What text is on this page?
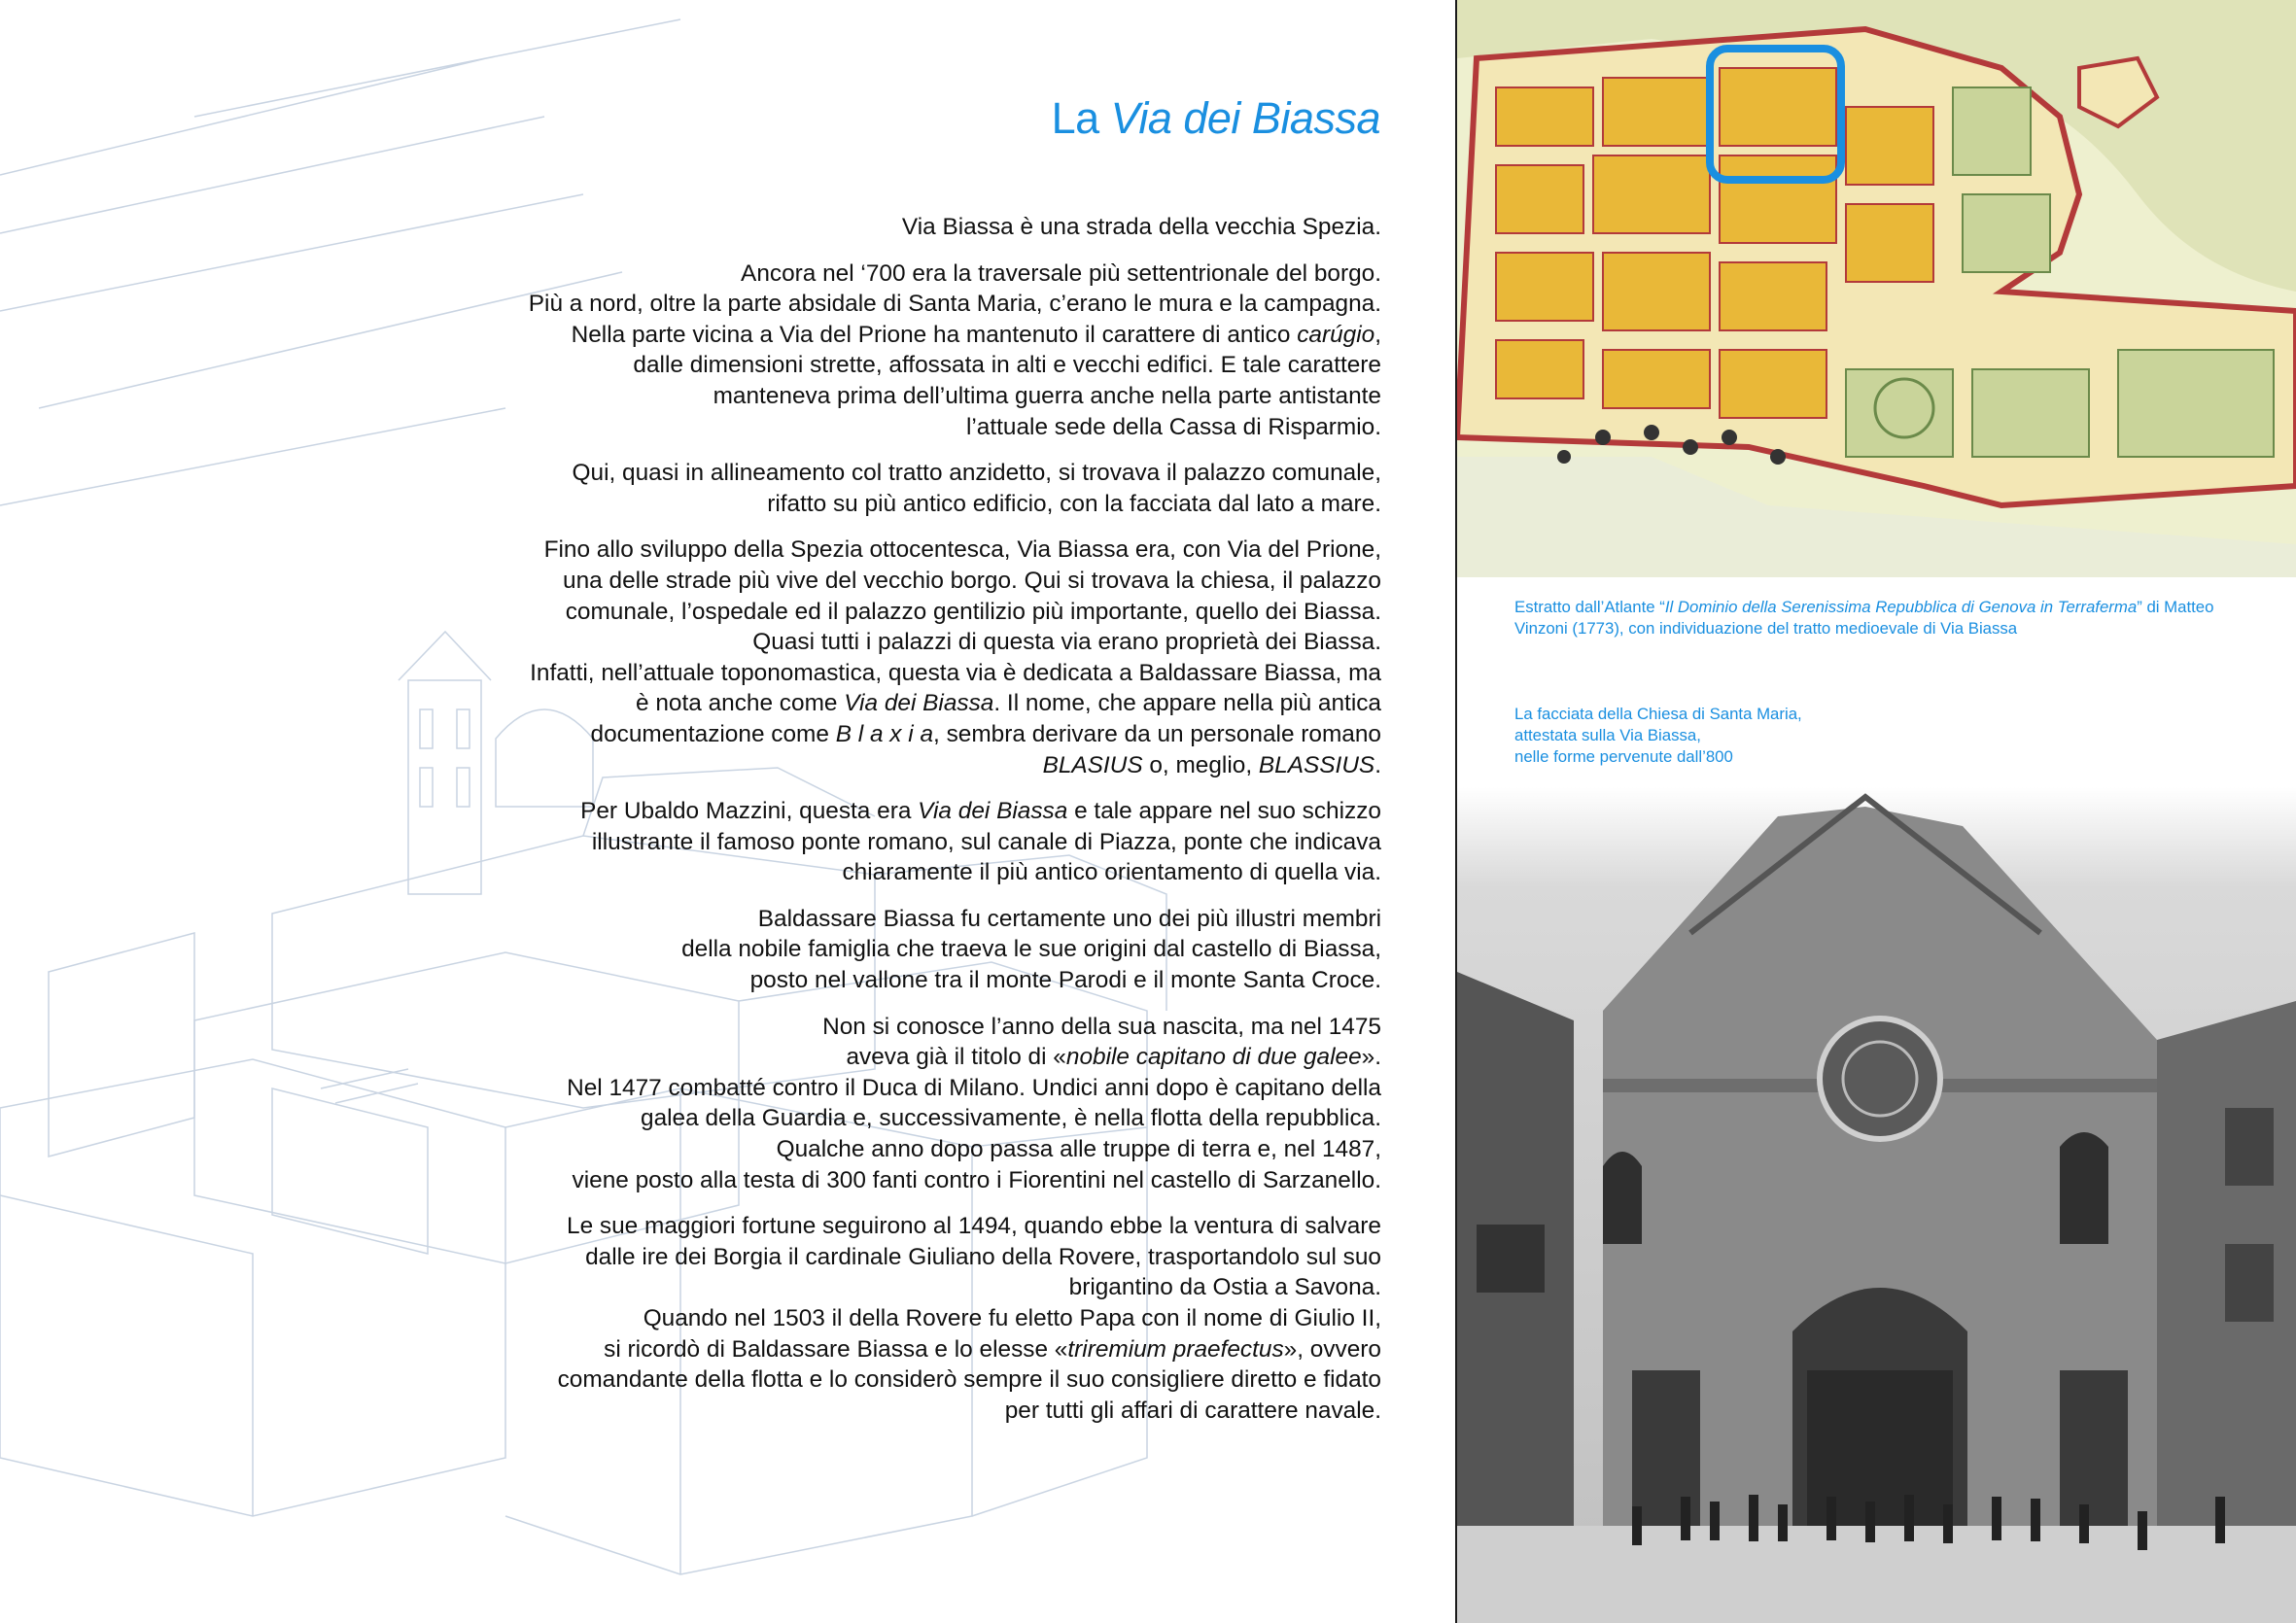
La Via dei Biassa

Via Biassa è una strada della vecchia Spezia.

Ancora nel ‘700 era la traversale più settentrionale del borgo.
Più a nord, oltre la parte absidale di Santa Maria, c’erano le mura e la campagna.
Nella parte vicina a Via del Prione ha mantenuto il carattere di antico carúgio,
dalle dimensioni strette, affossata in alti e vecchi edifici. E tale carattere
manteneva prima dell’ultima guerra anche nella parte antistante
l’attuale sede della Cassa di Risparmio.

Qui, quasi in allineamento col tratto anzidetto, si trovava il palazzo comunale,
rifatto su più antico edificio, con la facciata dal lato a mare.

Fino allo sviluppo della Spezia ottocentesca, Via Biassa era, con Via del Prione,
una delle strade più vive del vecchio borgo. Qui si trovava la chiesa, il palazzo
comunale, l’ospedale ed il palazzo gentilizio più importante, quello dei Biassa.
Quasi tutti i palazzi di questa via erano proprietà dei Biassa.
Infatti, nell’attuale toponomastica, questa via è dedicata a Baldassare Biassa, ma
è nota anche come Via dei Biassa. Il nome, che appare nella più antica
documentazione come B l a x i a, sembra derivare da un personale romano
BLASIUS o, meglio, BLASSIUS.

Per Ubaldo Mazzini, questa era Via dei Biassa e tale appare nel suo schizzo
illustrante il famoso ponte romano, sul canale di Piazza, ponte che indicava
chiaramente il più antico orientamento di quella via.

Baldassare Biassa fu certamente uno dei più illustri membri
della nobile famiglia che traeva le sue origini dal castello di Biassa,
posto nel vallone tra il monte Parodi e il monte Santa Croce.

Non si conosce l’anno della sua nascita, ma nel 1475
aveva già il titolo di «nobile capitano di due galee».
Nel 1477 combatté contro il Duca di Milano. Undici anni dopo è capitano della
galea della Guardia e, successivamente, è nella flotta della repubblica.
Qualche anno dopo passa alle truppe di terra e, nel 1487,
viene posto alla testa di 300 fanti contro i Fiorentini nel castello di Sarzanello.

Le sue maggiori fortune seguirono al 1494, quando ebbe la ventura di salvare
dalle ire dei Borgia il cardinale Giuliano della Rovere, trasportandolo sul suo
brigantino da Ostia a Savona.
Quando nel 1503 il della Rovere fu eletto Papa con il nome di Giulio II,
si ricordò di Baldassare Biassa e lo elesse «triremium praefectus», ovvero
comandante della flotta e lo considerò sempre il suo consigliere diretto e fidato
per tutti gli affari di carattere navale.

Estratto dall’Atlante “Il Dominio della Serenissima Repubblica di Genova in Terraferma” di Matteo Vinzoni (1773), con individuazione del tratto medioevale di Via Biassa
La facciata della Chiesa di Santa Maria,
attestata sulla Via Biassa,
nelle forme pervenute dall’800
